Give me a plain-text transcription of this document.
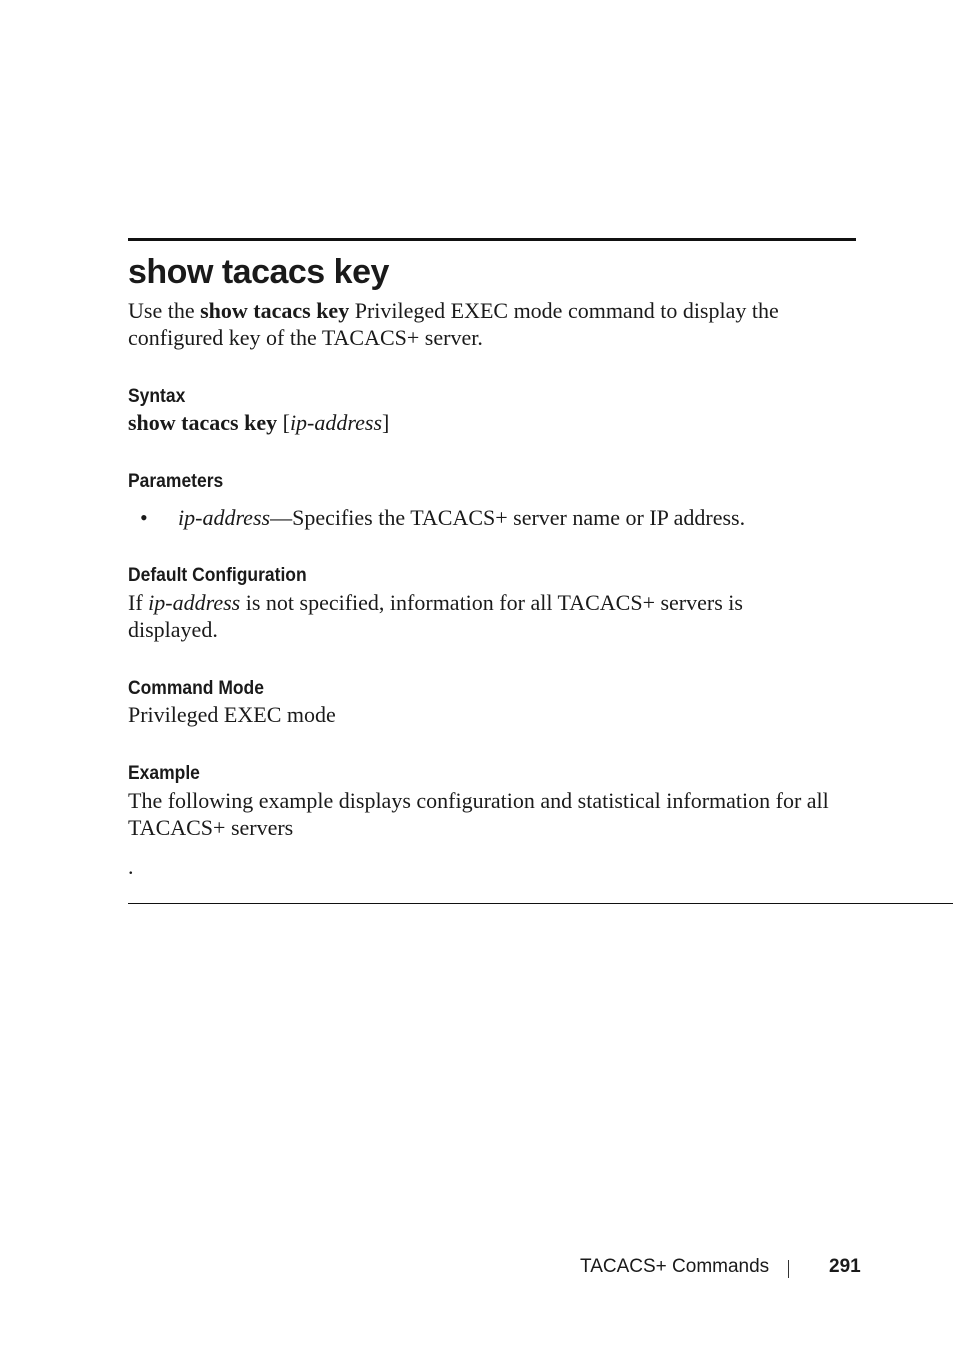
show tacacs key
Use the show tacacs key Privileged EXEC mode command to display the configured key of the TACACS+ server.
Syntax
show tacacs key [ip-address]
Parameters
• ip-address—Specifies the TACACS+ server name or IP address.
Default Configuration
If ip-address is not specified, information for all TACACS+ servers is displayed.
Command Mode
Privileged EXEC mode
Example
The following example displays configuration and statistical information for all TACACS+ servers
.
TACACS+ Commands	291
